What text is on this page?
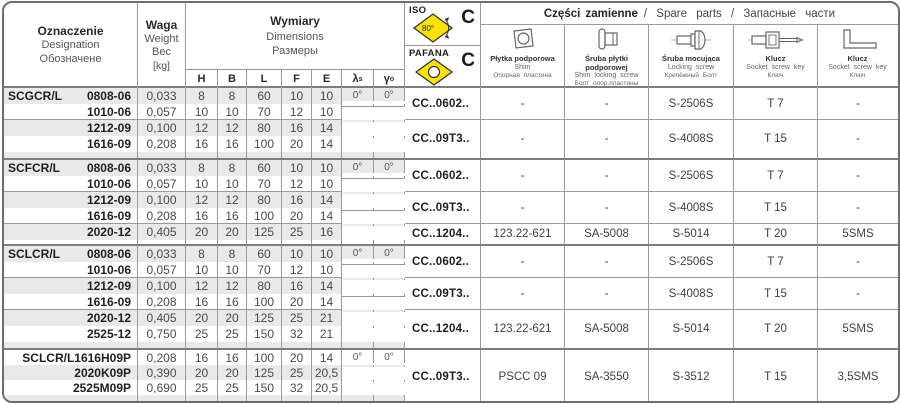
Oznaczenie
Designation
Обозначене
Waga
Weight
Вес
[kg]
Wymiary
Dimensions
Размеры
H B L F E λ s γ o
ISO C
80°
PAFANA C
Części zamienne / Spare parts / Запасные части
Płytka podporowa
Shim
Опорная пластина
Śruba płytki podporowej
Shim locking screw
Болт опор.пластины
Śruba mocująca
Locking screw
Крепёжный Болт
Klucz
Socket screw key
Ключ
Klucz
Socket screw key
Ключ
SCGCR/L 0808-06	0,033 8 8 60 10 10 0° 0°
1010-06	0,057 10 10 70 12 10
1212-09	0,100 12 12 80 16 14
1616-09	0,208 16 16 100 20 14
CC..0602..	-	-	S-2506S	T 7	-
CC..09T3..	-	-	S-4008S	T 15	-
SCFCR/L 0808-06	0,033 8 8 60 10 10 0° 0°
1010-06	0,057 10 10 70 12 10
1212-09	0,100 12 12 80 16 14
1616-09	0,208 16 16 100 20 14
2020-12	0,405 20 20 125 25 16
CC..0602..	-	-	S-2506S	T 7	-
CC..09T3..	-	-	S-4008S	T 15	-
CC..1204.. 123.22-621	SA-5008	S-5014	T 20	5SMS
SCLCR/L 0808-06	0,033 8 8 60 10 10 0° 0°
1010-06	0,057 10 10 70 12 10
1212-09	0,100 12 12 80 16 14
1616-09	0,208 16 16 100 20 14
2020-12	0,405 20 20 125 25 21
2525-12	0,750 25 25 150 32 21
CC..0602..	-	-	S-2506S	T 7	-
CC..09T3..	-	-	S-4008S	T 15	-
CC..1204.. 123.22-621	SA-5008	S-5014	T 20	5SMS
SCLCR/L1616H09P	0,208 16 16 100 20 14 0° 0°
2020K09P	0,390 20 20 125 25 20,5
2525M09P	0,690 25 25 150 32 20,5
CC..09T3..	PSCC 09	SA-3550	S-3512	T 15	3,5SMS
